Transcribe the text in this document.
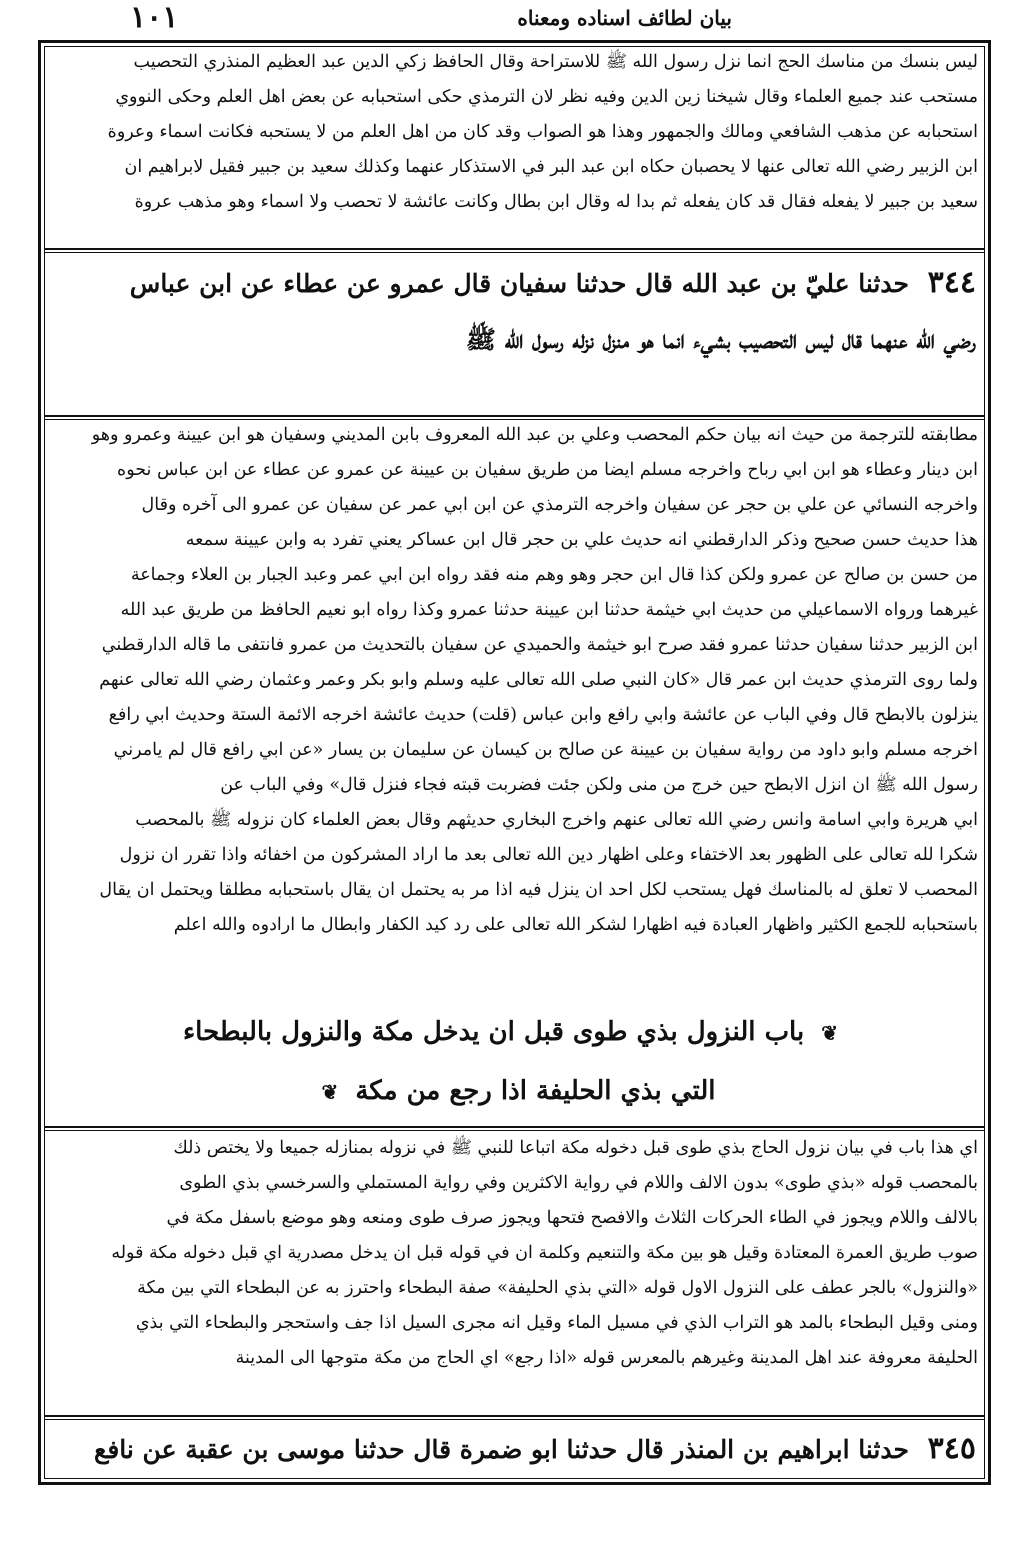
بيان لطائف اسناده ومعناه
١٠١
ليس بنسك من مناسك الحج انما نزل رسول الله ﷺ للاستراحة وقال الحافظ زكي الدين عبد العظيم المنذري التحصيب
مستحب عند جميع العلماء وقال شيخنا زين الدين وفيه نظر لان الترمذي حكى استحبابه عن بعض اهل العلم وحكى النووي
استحبابه عن مذهب الشافعي ومالك والجمهور وهذا هو الصواب وقد كان من اهل العلم من لا يستحبه فكانت اسماء وعروة
ابن الزبير رضي الله تعالى عنها لا يحصبان حكاه ابن عبد البر في الاستذكار عنهما وكذلك سعيد بن جبير فقيل لابراهيم ان
سعيد بن جبير لا يفعله فقال قد كان يفعله ثم بدا له وقال ابن بطال وكانت عائشة لا تحصب ولا اسماء وهو مذهب عروة
٣٤٤ حدثنا عليّ بن عبد الله قال حدثنا سفيان قال عمرو عن عطاء عن ابن عباس
رضي الله عنهما قال ليس التحصيب بشيء انما هو منزل نزله رسول الله ﷺ
مطابقته للترجمة من حيث انه بيان حكم المحصب وعلي بن عبد الله المعروف بابن المديني وسفيان هو ابن عيينة وعمرو وهو
ابن دينار وعطاء هو ابن ابي رباح واخرجه مسلم ايضا من طريق سفيان بن عيينة عن عمرو عن عطاء عن ابن عباس نحوه
واخرجه النسائي عن علي بن حجر عن سفيان واخرجه الترمذي عن ابن ابي عمر عن سفيان عن عمرو الى آخره وقال
هذا حديث حسن صحيح وذكر الدارقطني انه حديث علي بن حجر قال ابن عساكر يعني تفرد به وابن عيينة سمعه
من حسن بن صالح عن عمرو ولكن كذا قال ابن حجر وهو وهم منه فقد رواه ابن ابي عمر وعبد الجبار بن العلاء وجماعة
غيرهما ورواه الاسماعيلي من حديث ابي خيثمة حدثنا ابن عيينة حدثنا عمرو وكذا رواه ابو نعيم الحافظ من طريق عبد الله
ابن الزبير حدثنا سفيان حدثنا عمرو فقد صرح ابو خيثمة والحميدي عن سفيان بالتحديث من عمرو فانتفى ما قاله الدارقطني
ولما روى الترمذي حديث ابن عمر قال «كان النبي صلى الله تعالى عليه وسلم وابو بكر وعمر وعثمان رضي الله تعالى عنهم
ينزلون بالابطح قال وفي الباب عن عائشة وابي رافع وابن عباس (قلت) حديث عائشة اخرجه الائمة الستة وحديث ابي رافع
اخرجه مسلم وابو داود من رواية سفيان بن عيينة عن صالح بن كيسان عن سليمان بن يسار «عن ابي رافع قال لم يامرني
رسول الله ﷺ ان انزل الابطح حين خرج من منى ولكن جئت فضربت قبته فجاء فنزل قال» وفي الباب عن
ابي هريرة وابي اسامة وانس رضي الله تعالى عنهم واخرج البخاري حديثهم وقال بعض العلماء كان نزوله ﷺ بالمحصب
شكرا لله تعالى على الظهور بعد الاختفاء وعلى اظهار دين الله تعالى بعد ما اراد المشركون من اخفائه واذا تقرر ان نزول
المحصب لا تعلق له بالمناسك فهل يستحب لكل احد ان ينزل فيه اذا مر به يحتمل ان يقال باستحبابه مطلقا ويحتمل ان يقال
باستحبابه للجمع الكثير واظهار العبادة فيه اظهارا لشكر الله تعالى على رد كيد الكفار وابطال ما ارادوه والله اعلم
❦ باب النزول بذي طوى قبل ان يدخل مكة والنزول بالبطحاء
التي بذي الحليفة اذا رجع من مكة ❦
اي هذا باب في بيان نزول الحاج بذي طوى قبل دخوله مكة اتباعا للنبي ﷺ في نزوله بمنازله جميعا ولا يختص ذلك
بالمحصب قوله «بذي طوى» بدون الالف واللام في رواية الاكثرين وفي رواية المستملي والسرخسي بذي الطوى
بالالف واللام ويجوز في الطاء الحركات الثلاث والافصح فتحها ويجوز صرف طوى ومنعه وهو موضع باسفل مكة في
صوب طريق العمرة المعتادة وقيل هو بين مكة والتنعيم وكلمة ان في قوله قبل ان يدخل مصدرية اي قبل دخوله مكة قوله
«والنزول» بالجر عطف على النزول الاول قوله «التي بذي الحليفة» صفة البطحاء واحترز به عن البطحاء التي بين مكة
ومنى وقيل البطحاء بالمد هو التراب الذي في مسيل الماء وقيل انه مجرى السيل اذا جف واستحجر والبطحاء التي بذي
الحليفة معروفة عند اهل المدينة وغيرهم بالمعرس قوله «اذا رجع» اي الحاج من مكة متوجها الى المدينة
٣٤٥ حدثنا ابراهيم بن المنذر قال حدثنا ابو ضمرة قال حدثنا موسى بن عقبة عن نافع
